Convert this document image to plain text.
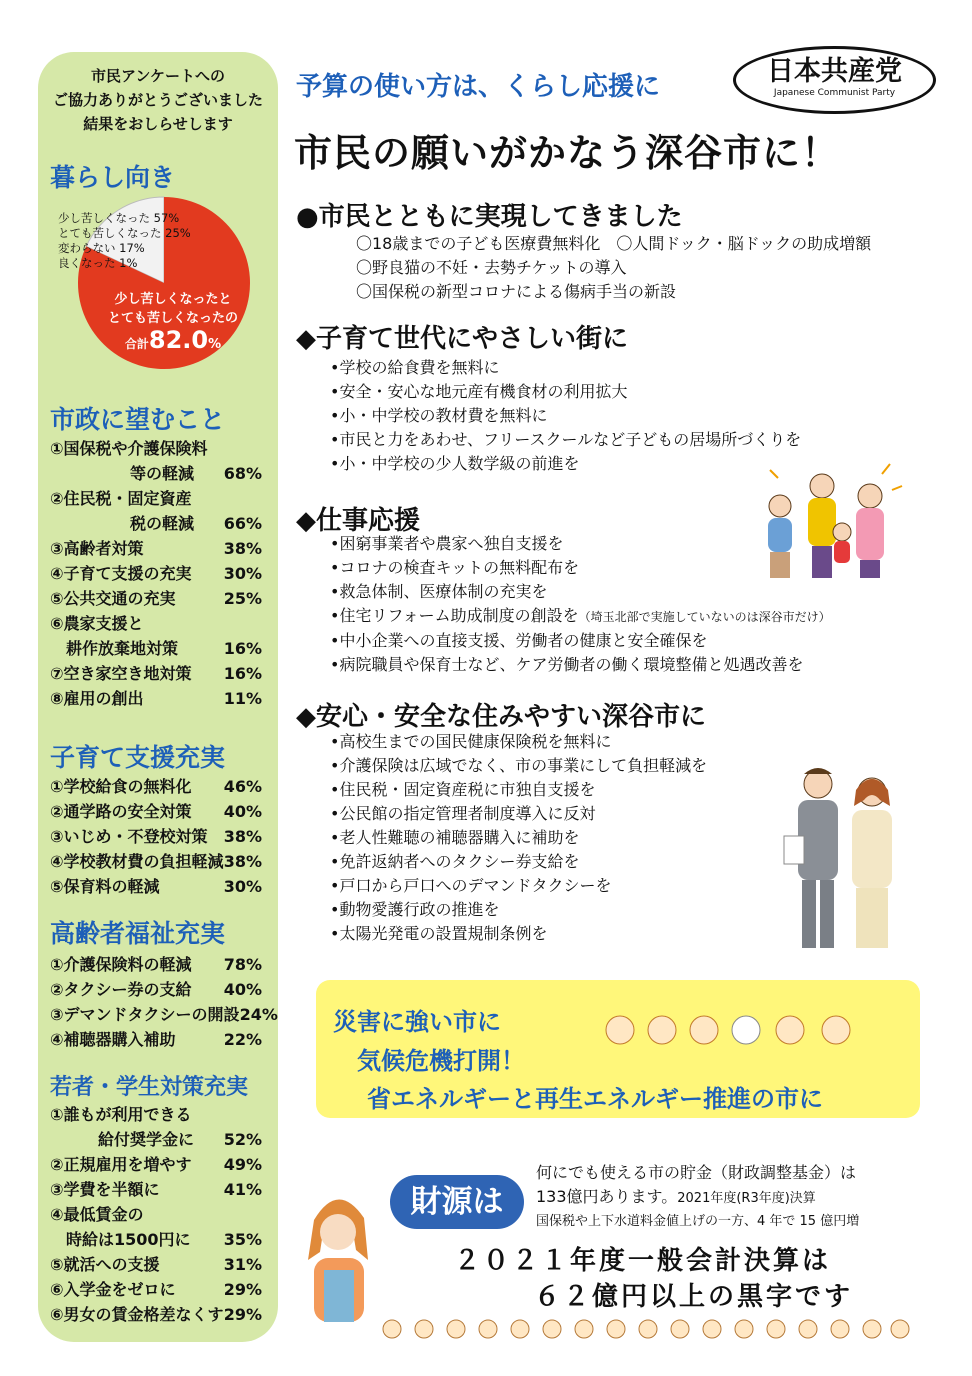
市民アンケートへの
ご協力ありがとうございました
結果をおしらせします
暮らし向き
少し苦しくなった 57%
とても苦しくなった 25%
変わらない 17%
良くなった 1%
少し苦しくなったと
とても苦しくなったの
合計82.0%
市政に望むこと
①国保税や介護保険料
　　　　　等の軽減 68%
②住民税・固定資産
　　　　　税の軽減 66%
③高齢者対策	38%
④子育て支援の充実 30%
⑤公共交通の充実	25%
⑥農家支援と
　耕作放棄地対策	16%
⑦空き家空き地対策 16%
⑧雇用の創出	11%
子育て支援充実
①学校給食の無料化 46%
②通学路の安全対策 40%
③いじめ・不登校対策 38%
④学校教材費の負担軽減 38%
⑤保育料の軽減	30%
高齢者福祉充実
①介護保険料の軽減 78%
②タクシー券の支給 40%
③デマンドタクシーの開設 24%
④補聴器購入補助	22%
若者・学生対策充実
①誰もが利用できる
　　　給付奨学金に 52%
②正規雇用を増やす 49%
③学費を半額に	41%
④最低賃金の
　時給は1500円に 35%
⑤就活への支援	31%
⑥入学金をゼロに	29%
⑥男女の賃金格差なくす 29%
予算の使い方は、くらし応援に	日本共産党
Japanese Communist Party
市民の願いがかなう深谷市に！
●市民とともに実現してきました
〇18歳までの子ども医療費無料化　〇人間ドック・脳ドックの助成増額
〇野良猫の不妊・去勢チケットの導入
〇国保税の新型コロナによる傷病手当の新設
◆子育て世代にやさしい街に
•学校の給食費を無料に
•安全・安心な地元産有機食材の利用拡大
•小・中学校の教材費を無料に
•市民と力をあわせ、フリースクールなど子どもの居場所づくりを
•小・中学校の少人数学級の前進を
◆仕事応援
•困窮事業者や農家へ独自支援を
•コロナの検査キットの無料配布を
•救急体制、医療体制の充実を
•住宅リフォーム助成制度の創設を（埼玉北部で実施していないのは深谷市だけ）
•中小企業への直接支援、労働者の健康と安全確保を
•病院職員や保育士など、ケア労働者の働く環境整備と処遇改善を
◆安心・安全な住みやすい深谷市に
•高校生までの国民健康保険税を無料に
•介護保険は広域でなく、市の事業にして負担軽減を
•住民税・固定資産税に市独自支援を
•公民館の指定管理者制度導入に反対
•老人性難聴の補聴器購入に補助を
•免許返納者へのタクシー券支給を
•戸口から戸口へのデマンドタクシーを
•動物愛護行政の推進を
•太陽光発電の設置規制条例を
災害に強い市に
気候危機打開！
省エネルギーと再生エネルギー推進の市に
財源は
何にでも使える市の貯金（財政調整基金）は
133億円あります。2021年度(R3年度)決算
国保税や上下水道料金値上げの一方、4 年で 15 億円増
２０２１年度一般会計決算は
６２億円以上の黒字です
